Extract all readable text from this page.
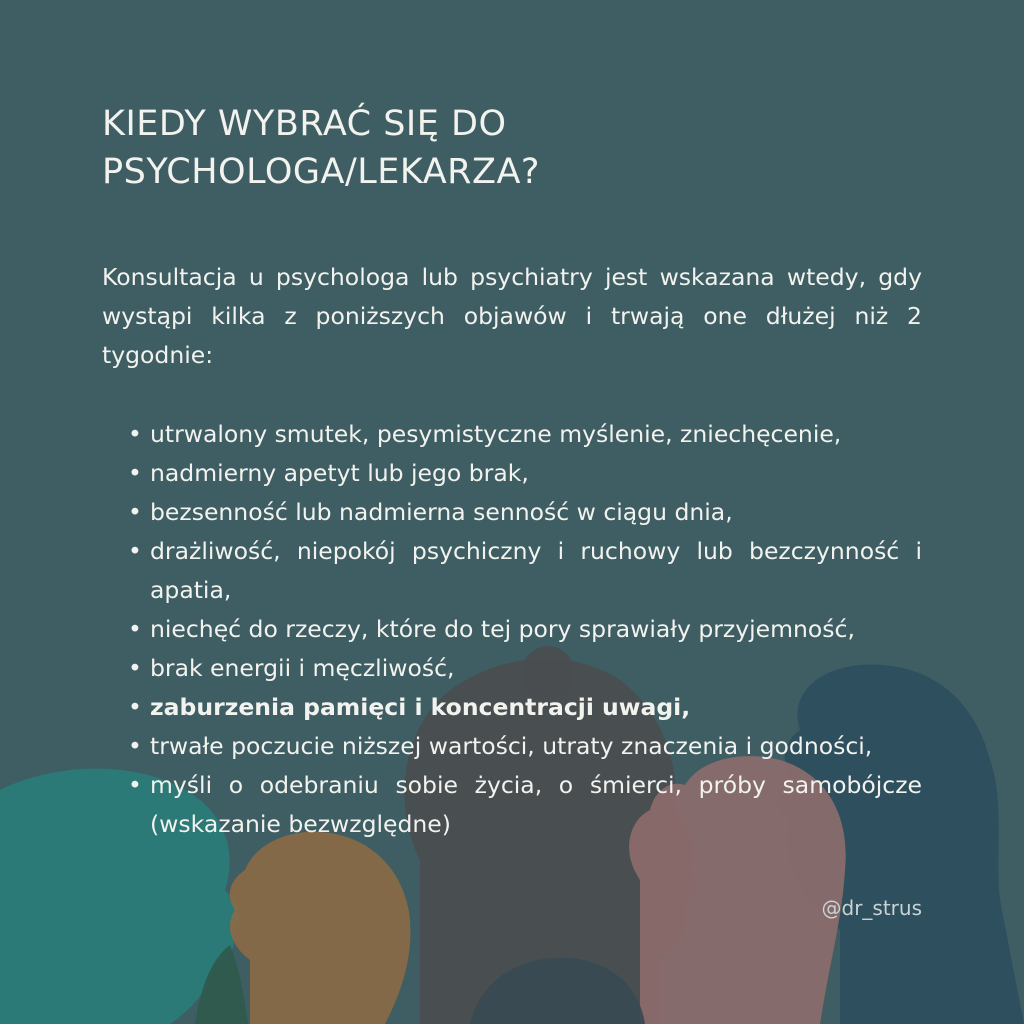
KIEDY WYBRAĆ SIĘ DO PSYCHOLOGA/LEKARZA?

Konsultacja u psychologa lub psychiatry jest wskazana wtedy, gdy wystąpi kilka z poniższych objawów i trwają one dłużej niż 2 tygodnie:

• utrwalony smutek, pesymistyczne myślenie, zniechęcenie,
• nadmierny apetyt lub jego brak,
• bezsenność lub nadmierna senność w ciągu dnia,
• drażliwość, niepokój psychiczny i ruchowy lub bezczynność i apatia,
• niechęć do rzeczy, które do tej pory sprawiały przyjemność,
• brak energii i męczliwość,
• zaburzenia pamięci i koncentracji uwagi,
• trwałe poczucie niższej wartości, utraty znaczenia i godności,
• myśli o odebraniu sobie życia, o śmierci, próby samobójcze (wskazanie bezwzględne)

@dr_strus
